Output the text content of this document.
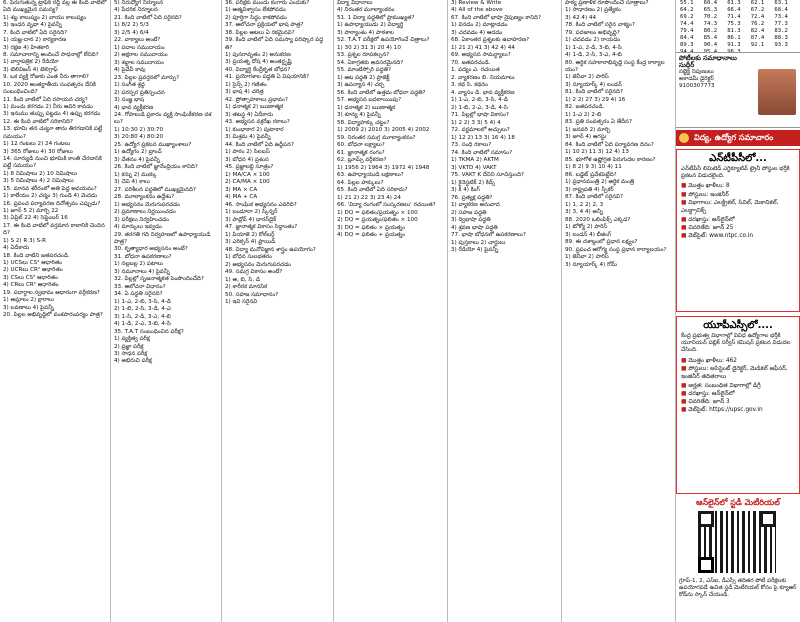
6. పెరుగుతున్న ట్రాఫిక్ రద్దీ వల్ల ఈ కింది వాటిలో ఏది ముఖ్యమైన సమస్య?

1) శబ్ద కాలుష్యం 2) వాయు కాలుష్యం

3) ఇంధన వృథా 4) పైవన్నీ

7. కింది వాటిలో ఏది సరైనది?

1) యజ్ఞ-దాన 2) కార్యకారణ

3) రక్షణ 4) హితకారి

8. సమాచారాన్ని అందించే సాధనాల్లో లేనిది?

1) వార్తాపత్రిక 2) రేడియో

3) టెలివిజన్ 4) టెలిగ్రాఫ్

9. ఒక వ్యక్తి రోజుకు ఎంత నీరు తాగాలి?

10. 2020 అంతర్జాతీయ సంవత్సరం దేనికి సంబంధించింది?

11. కింది వాటిలో ఏది రసాయన చర్య?

1) మంచు కరగడం 2) నీరు ఆవిరి కావడం

3) ఇనుము తుప్పు పట్టడం 4) ఉప్పు కరగడం

12. ఈ కింది వాటిలో సరికానిది?

13. భూమి తన చుట్టూ తాను తిరగడానికి పట్టే సమయం?

1) 12 గంటలు 2) 24 గంటలు

3) 365 రోజులు 4) 30 రోజులు

14. సూర్యుడి నుంచి భూమికి కాంతి చేరడానికి పట్టే సమయం?

1) 8 నిమిషాలు 2) 10 నిమిషాలు

3) 5 నిమిషాలు 4) 2 నిమిషాలు

15. మానవ శరీరంలో అతి పెద్ద అవయవం?

1) కాలేయం 2) చర్మం 3) గుండె 4) మెదడు

16. ప్రపంచ పర్యావరణ దినోత్సవం ఎప్పుడు?

1) జూన్ 5 2) మార్చి 22

3) ఏప్రిల్ 22 4) సెప్టెంబర్ 16

17. ఈ కింది వాటిలో వర్తమాన కాలానికి చెందినది?

1) S 2) R 3) S-R

4) ఏదీకాదు

18. కింది వాటిని జతపరచండి.

1) UCSలు CS² ఆధారితం

2) UCRలు CR² ఆధారితం

3) CSలు CS² ఆధారితం

4) CRలు CR² ఆధారితం

19. పదార్థాల స్వభావం ఆధారంగా వర్గీకరణ?

1) ఆమ్లాలు 2) క్షారాలు

3) లవణాలు 4) పైవన్నీ

20. పిల్లల అభివృద్ధిలో వంశపారంపర్యం పాత్ర?

5) నిరుద్యోగ నిర్మూలన

4) పేదరిక నిర్మూలన

21. కింది వాటిలో ఏది సరైనది?

1) 8/2 2) 5/3

3) 2/5 4) 6/4

22. వాక్యాలు అంటే?

1) పదాల సముదాయం

2) అక్షరాల సముదాయం

3) శబ్దాల సముదాయం

4) పైవేవీ కావు

23. పిల్లల ప్రవర్తనలో మార్పు?

1) సంగీత శ్రద్ధ

2) పరస్పర ప్రతిస్పందన

3) సంజ్ఞ భాష

4) భావ వ్యక్తీకరణ

24. గోపాలుడి ప్రకారం వ్యక్తి సాంఘికీకరణ దశలు?

1) 10:30 2) 30:70

3) 20:80 4) 80:20

25. ఉద్యోగ ప్రకటన ముఖ్యాంశాలు?

1) ఉద్యోగం 2) బ్రాంచ్

3) వేతనం 4) పైవన్నీ

26. కింది వాటిలో జ్ఞానేంద్రియం కానిది?

1) కన్ను 2) ముక్కు

3) చెవి 4) కాలు

27. పరిశీలన పద్ధతిలో ముఖ్యమైనది?

28. మూల్యాంకనం ఉద్దేశం?

1) అభ్యసనం మెరుగుపరచడం

2) ప్రమాణాలు నిర్ణయించడం

3) పరీక్షలు నిర్వహించడం

4) మార్కులు ఇవ్వడం

29. తరగతి గది నిర్వహణలో ఉపాధ్యాయుడి పాత్ర?

30. కృత్యాధార అభ్యసనం అంటే?

31. బోధనా ఉపకరణాలు?

1) నల్లబల్ల 2) పటాలు

3) నమూనాలు 4) పైవన్నీ

32. పిల్లల్లో సృజనాత్మకత పెంపొందించేది?

33. ఆలోచనా విధానం?

34. ఏ పద్ధతి సరైనది?

1) 1-ఎ, 2-బి, 3-సి, 4-డి

2) 1-బి, 2-సి, 3-డి, 4-ఎ

3) 1-సి, 2-డి, 3-ఎ, 4-బి

4) 1-డి, 2-ఎ, 3-బి, 4-సి

35. T.A.T సంబంధించిన పరీక్ష?

1) వ్యక్తిత్వ పరీక్ష

2) ప్రజ్ఞా పరీక్ష

3) సాధన పరీక్ష

4) అభిరుచి పరీక్ష

36. పరీక్షకు ముందు కంగారు ఎందుకు?

1) ఆత్మవిశ్వాసం లేకపోవడం

2) పూర్తిగా సిద్ధం కాకపోవడం

37. ఆలోచనా ప్రక్రియలో భాష పాత్ర?

38. పిల్లల ఆటలు ఏ రకమైనవి?

39. కింది వాటిలో ఏది సమస్యా పరిష్కార పద్ధతి?

1) పునరావృతం 2) అనుకరణ

3) ప్రయత్న దోష 4) అంతర్దృష్టి

40. విద్యార్థి కేంద్రీకృత బోధన?

41. ప్రయోగశాల పద్ధతి ఏ విషయానికి?

1) సైన్స్ 2) గణితం

3) భాష 4) చరిత్ర

42. ప్రోత్సాహకాలు ప్రభావం?

1) ధనాత్మక 2) ఋణాత్మక

3) తటస్థ 4) ఏదీకాదు

43. అభ్యసన వక్రరేఖ రకాలు?

1) కుంభాకార 2) పుటాకార

3) మిశ్రమ 4) పైవన్నీ

44. కింది వాటిలో ఏది ఉద్దీపన?

1) పాఠం 2) సిలబస్

3) బోధన 4) ప్రశంస

45. ప్రజ్ఞాలబ్ధి సూత్రం?

1) MA/CA × 100

2) CA/MA × 100

3) MA × CA

4) MA + CA

46. సాంఘిక అభ్యసనం ఎవరిది?

1) బండూరా 2) స్కిన్నర్

3) పావ్లోవ్ 4) థారన్‌డైక్

47. జ్ఞానాత్మక వికాసం సిద్ధాంతం?

1) పియాజె 2) కోల్‌బర్గ్

3) ఎరిక్సన్ 4) ఫ్రాయిడ్

48. విద్యా మనోవిజ్ఞాన శాస్త్రం ఉపయోగం?

1) బోధన సులభతరం

2) అభ్యసనం మెరుగుపరచడం

49. సమగ్ర వికాసం అంటే?

1) ఆ, బి, సి, డి

2) శారీరక మానసిక

50. సహజ సమాధానం?

1) ఇవి సరైనవి

విద్యా విధానాలు

4) నిరంతర మూల్యాంకనం

51. 1 విద్యా పద్ధతిలో ప్రాముఖ్యత?

1) ఉపాధ్యాయుడు 2) విద్యార్థి

3) పాఠ్యాంశం 4) పాఠశాల

52. T.A.T పరీక్షలో ఉపయోగించే చిత్రాలు?

1) 30 2) 31 3) 20 4) 10

53. ప్రశ్నల రూపకల్పన?

54. ఏకాగ్రతకు అవసరమైనది?

55. మాంటిస్సోరి పద్ధతి?

1) ఆట పద్ధతి 2) ప్రాజెక్ట్

3) ఉపన్యాస 4) చర్చ

56. కింది వాటిలో ఉత్తమ బోధనా పద్ధతి?

57. అభ్యసన బదలాయింపు?

1) ధనాత్మక 2) ఋణాత్మక

3) శూన్య 4) పైవన్నీ

58. విద్యాహక్కు చట్టం?

1) 2009 2) 2010 3) 2005 4) 2002

59. నిరంతర సమగ్ర మూల్యాంకనం?

60. బోధనా లక్ష్యాలు?

61. జ్ఞానాత్మక రంగం?

62. బ్లూమ్స్ వర్గీకరణ?

1) 1956 2) 1964 3) 1972 4) 1948

63. ఉపాధ్యాయుడి లక్షణాలు?

64. పిల్లల హక్కులు?

65. కింది వాటిలో ఏది సరికాదు?

1) 21 2) 22 3) 23 4) 24

66. 'విద్యా రంగంలో సంస్కరణలు' రచయిత?

1) DQ = ఫలితం/ప్రయత్నం × 100

2) DQ = ప్రయత్నం/ఫలితం × 100

3) DQ = ఫలితం × ప్రయత్నం

4) DQ = ఫలితం + ప్రయత్నం

3) Review & Write

4) All of the above

67. కింది వాటిలో భాషా నైపుణ్యం కానిది?

1) వినడం 2) మాట్లాడడం

3) చదవడం 4) ఆడడం

68. ఏకాంతర ప్రశ్నలకు ఉదాహరణ?

1) 21 2) 41 3) 42 4) 44

69. అభ్యసన సామర్థ్యాలు?

70. జతపరచండి.

1. పద్యం ఎ. రచయిత

2. వ్యాకరణం బి. నియమాలు

3. కథ సి. కథనం

4. వ్యాసం డి. భావ వ్యక్తీకరణ

1) 1-ఎ, 2-బి, 3-సి, 4-డి

2) 1-బి, 2-ఎ, 3-డి, 4-సి

71. పిల్లల్లో భాషా వికాసం?

1) 2 2) 3 3) 5 4) 4

72. వర్ణమాలలో అచ్చులు?

1) 12 2) 13 3) 16 4) 18

73. సంధి రకాలు?

74. కింది వాటిలో సమాసం?

1) TKMA 2) AKTM

3) VKTD 4) VAKT

75. VAKT K దేనిని సూచిస్తుంది?

1) కైనెస్థటిక్ 2) కిడ్స్

3) కీ 4) కింగ్

76. ప్రత్యక్ష పద్ధతి?

1) వ్యాకరణ అనువాద

2) సహజ పద్ధతి

3) ద్విభాషా పద్ధతి

4) శ్రవణ భాషా పద్ధతి

77. భాషా బోధనలో ఉపకరణాలు?

1) పుస్తకాలు 2) చార్టులు

3) రేడియో 4) పైవన్నీ

పాఠ్య ప్రణాళిక రూపొందించే సూత్రాలు?

1) సాధారణం 2) ప్రత్యేకం

3) 42 4) 44

78. కింది వాటిలో సరైన వాక్యం?

79. పదజాలం అభివృద్ధి?

1) చదవడం 2) రాయడం

1) 1-ఎ, 2-డి, 3-బి, 4-సి

4) 1-డి, 2-సి, 3-ఎ, 4-బి

80. ఆర్థిక సహకారాభివృద్ధి సంస్థ కేంద్ర కార్యాలయం?

1) జెనీవా 2) పారిస్

3) న్యూయార్క్ 4) లండన్

81. కింది వాటిలో సరైనది?

1) 2 2) 27 3) 29 4) 16

82. జతపరచండి.

1) 1-ఎ 2) 2-బి

83. ప్రతి సంవత్సరం ఏ తేదీన?

1) జనవరి 2) మార్చి

3) జూన్ 4) ఆగస్టు

84. కింది వాటిలో ఏది పర్యావరణ దినం?

1) 10 2) 11 3) 12 4) 13

85. భూగోళ ఉష్ణోగ్రత పెరుగుదల కారణం?

1) 8 2) 9 3) 10 4) 11

86. బడ్జెట్ ప్రవేశపెట్టేది?

1) ప్రధానమంత్రి 2) ఆర్థిక మంత్రి

3) రాష్ట్రపతి 4) స్పీకర్

87. కింది వాటిలో సరైనవి?

1) 1, 2 2) 2, 3

3) 3, 4 4) అన్నీ

88. 2020 ఒలింపిక్స్ ఎక్కడ?

1) టోక్యో 2) పారిస్

3) లండన్ 4) బీజింగ్

89. ఈ దశాబ్దంలో ప్రధాన లక్ష్యం?

90. ప్రపంచ ఆరోగ్య సంస్థ ప్రధాన కార్యాలయం?

1) జెనీవా 2) పారిస్

3) న్యూయార్క్ 4) రోమ్

55.1	60.4	61.3	62.1	63.1
64.2	65.3	66.4	67.2	68.4
69.2	70.2	71.4	72.4	73.4
74.4	74.3	75.3	76.2	77.3
79.4	80.2	81.3	82.4	83.2
84.4	85.4	86.1	87.4	88.3
89.3	90.4	91.3	92.1	93.3
94.4	95.4	96.3		
పోటీలకు సమాధానాలు
సుధీర్
సబ్జెక్ట్ నిపుణులు
అకాడమీ డైరెక్టర్
9100307773
విద్య, ఉద్యోగ సమాచారం
ఎన్‌టీపీసీలో...
ఎన్‌టీపీసీ లిమిటెడ్ ఎగ్జిక్యూటివ్ ట్రైనీ పోస్టుల భర్తీకి ప్రకటన విడుదలైంది.
■ మొత్తం ఖాళీలు: 8
■ పోస్టులు: ఇంజినీర్
■ విభాగాలు: ఎలక్ట్రికల్, సివిల్, మెకానికల్, ఎలక్ట్రానిక్స్
■ దరఖాస్తు: ఆన్‌లైన్‌లో
■ చివరితేది: జూన్ 25
■ వెబ్‌సైట్: www.ntpc.co.in
యూపీఎస్సీలో....
కేంద్ర ప్రభుత్వ విభాగాల్లో వివిధ ఉద్యోగాల భర్తీకి యూనియన్ పబ్లిక్ సర్వీస్ కమిషన్ ప్రకటన విడుదల చేసింది.
■ మొత్తం ఖాళీలు: 462
■ పోస్టులు: అసిస్టెంట్ డైరెక్టర్, మెడికల్ ఆఫీసర్, ఇంజినీర్ తదితరాలు
■ అర్హత: సంబంధిత విభాగాల్లో డిగ్రీ
■ దరఖాస్తు: ఆన్‌లైన్‌లో
■ చివరితేది: జూన్ 3
■ వెబ్‌సైట్: https://upsc.gov.in
ఆన్‌లైన్‌లో స్టడీ మెటీరియల్
గ్రూప్-1, 2, ఎస్ఐ, డీఎస్సీ తదితర పోటీ పరీక్షలకు ఉపయోగపడే ఉచిత స్టడీ మెటీరియల్ కోసం పై క్యూఆర్ కోడ్‌ను స్కాన్ చేయండి.
